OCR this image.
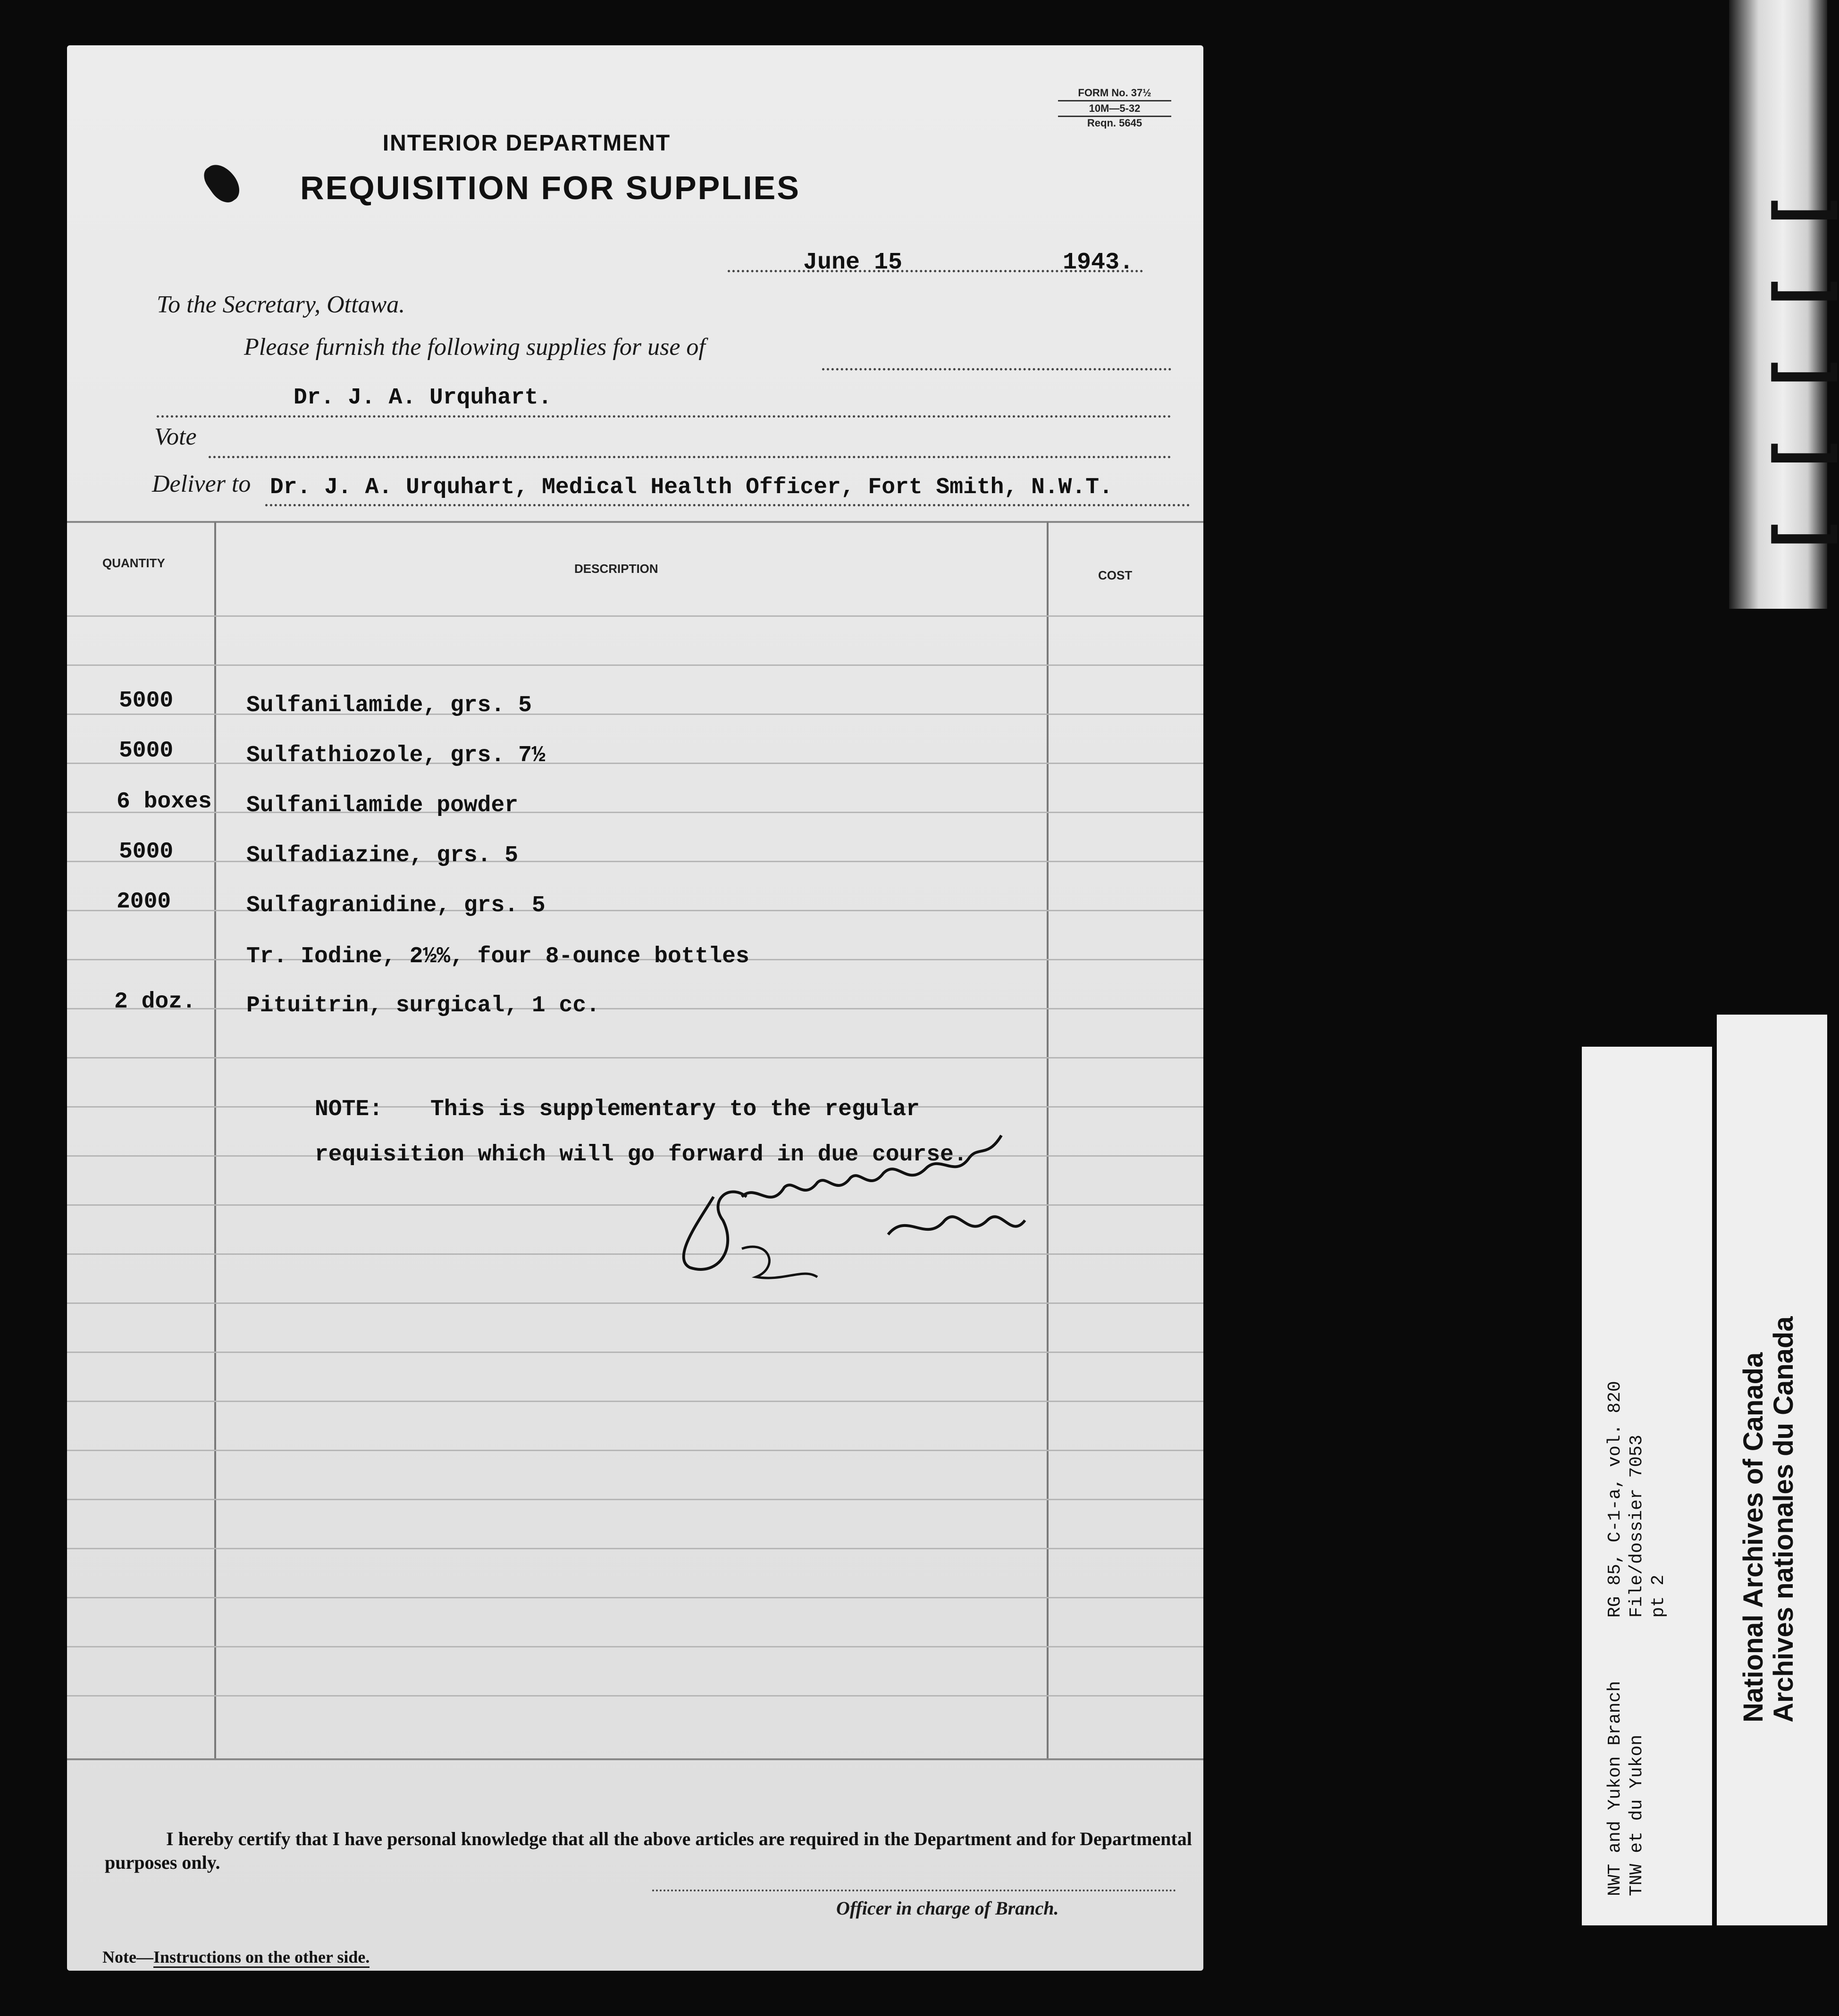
[ [ [ [ [
RG 85, C-1-a, vol. 820 File/dossier 7053 pt 2
NWT and Yukon Branch TNW et du Yukon
National Archives of Canada Archives nationales du Canada
FORM No. 37½
10M—5-32
Reqn. 5645
INTERIOR DEPARTMENT
REQUISITION FOR SUPPLIES
June 15	1943.
To the Secretary, Ottawa.
Please furnish the following supplies for use of
Dr. J. A. Urquhart.
Vote
Deliver to Dr. J. A. Urquhart, Medical Health Officer, Fort Smith, N.W.T.
QUANTITY	DESCRIPTION	COST
5000	Sulfanilamide, grs. 5
5000	Sulfathiozole, grs. 7½
6 boxes Sulfanilamide powder
5000	Sulfadiazine, grs. 5
2000	Sulfagranidine, grs. 5
Tr. Iodine, 2½%, four 8-ounce bottles
2 doz. Pituitrin, surgical, 1 cc.
NOTE: This is supplementary to the regular
requisition which will go forward in due course.
I hereby certify that I have personal knowledge that all the above articles are required in the Department and for Departmental purposes only.
Officer in charge of Branch.
Note—Instructions on the other side.
